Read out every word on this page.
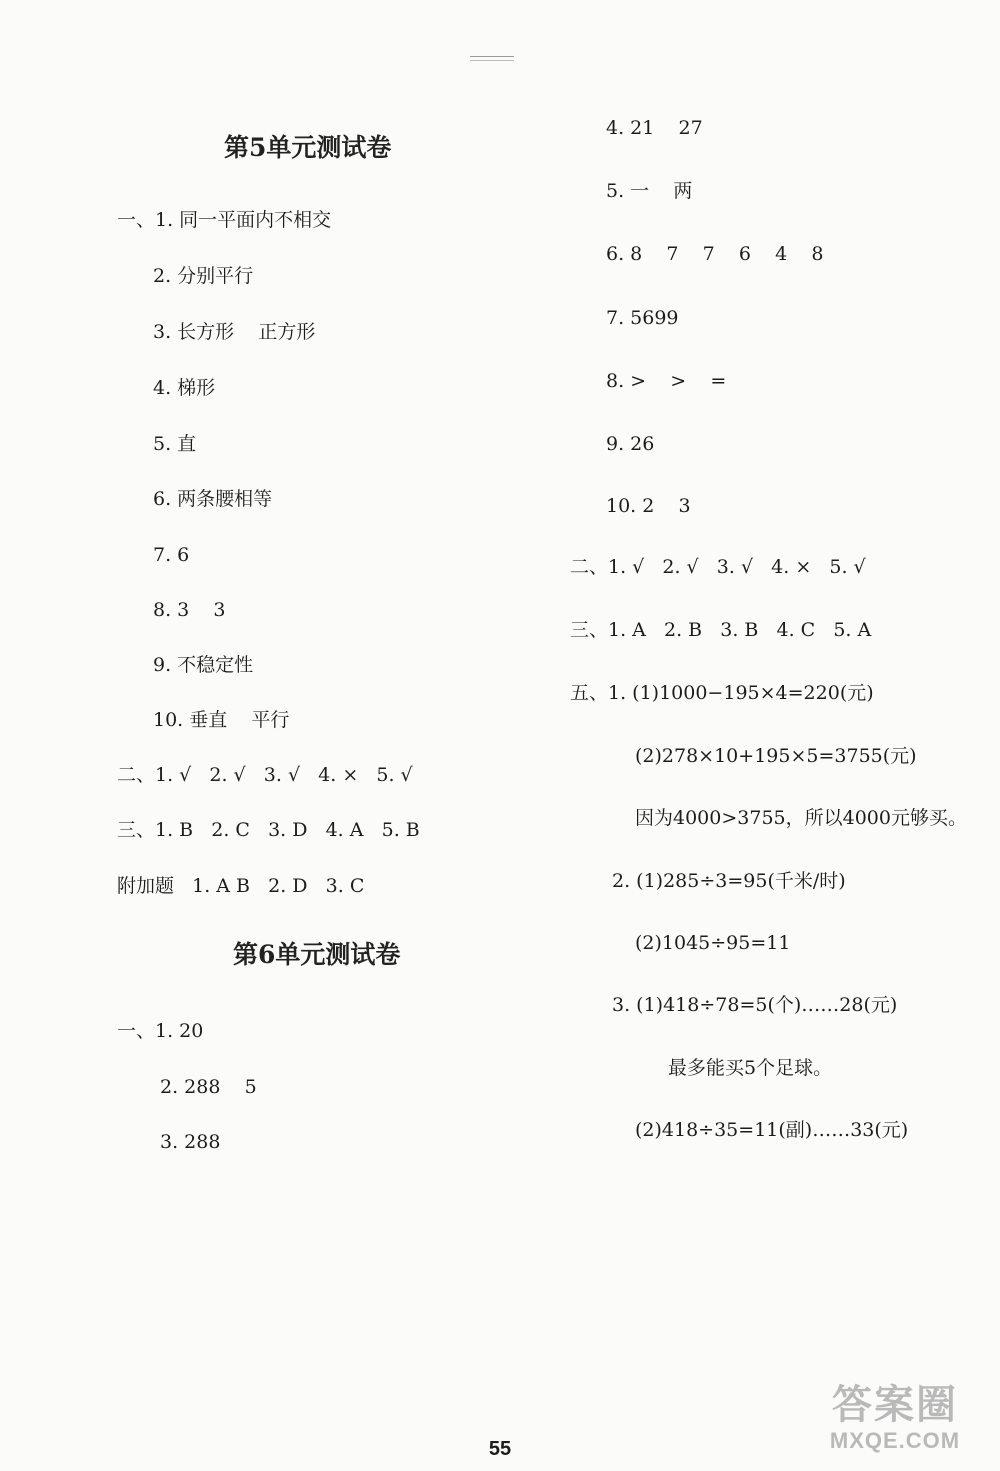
第5单元测试卷
一、1. 同一平面内不相交
2. 分别平行
3. 长方形    正方形
4. 梯形
5. 直
6. 两条腰相等
7. 6
8. 3    3
9. 不稳定性
10. 垂直    平行
二、1. √   2. √   3. √   4. ×   5. √
三、1. B   2. C   3. D   4. A   5. B
附加题   1. A B   2. D   3. C
第6单元测试卷
一、1. 20
2. 288    5
3. 288
4. 21    27
5. 一    两
6. 8    7    7    6    4    8
7. 5699
8. >    >    =
9. 26
10. 2    3
二、1. √   2. √   3. √   4. ×   5. √
三、1. A   2. B   3. B   4. C   5. A
五、1. (1)1000−195×4=220(元)
(2)278×10+195×5=3755(元)
因为4000>3755，所以4000元够买。
2. (1)285÷3=95(千米/时)
(2)1045÷95=11
3. (1)418÷78=5(个)……28(元)
最多能买5个足球。
(2)418÷35=11(副)……33(元)
55
答案圈
MXQE.COM
